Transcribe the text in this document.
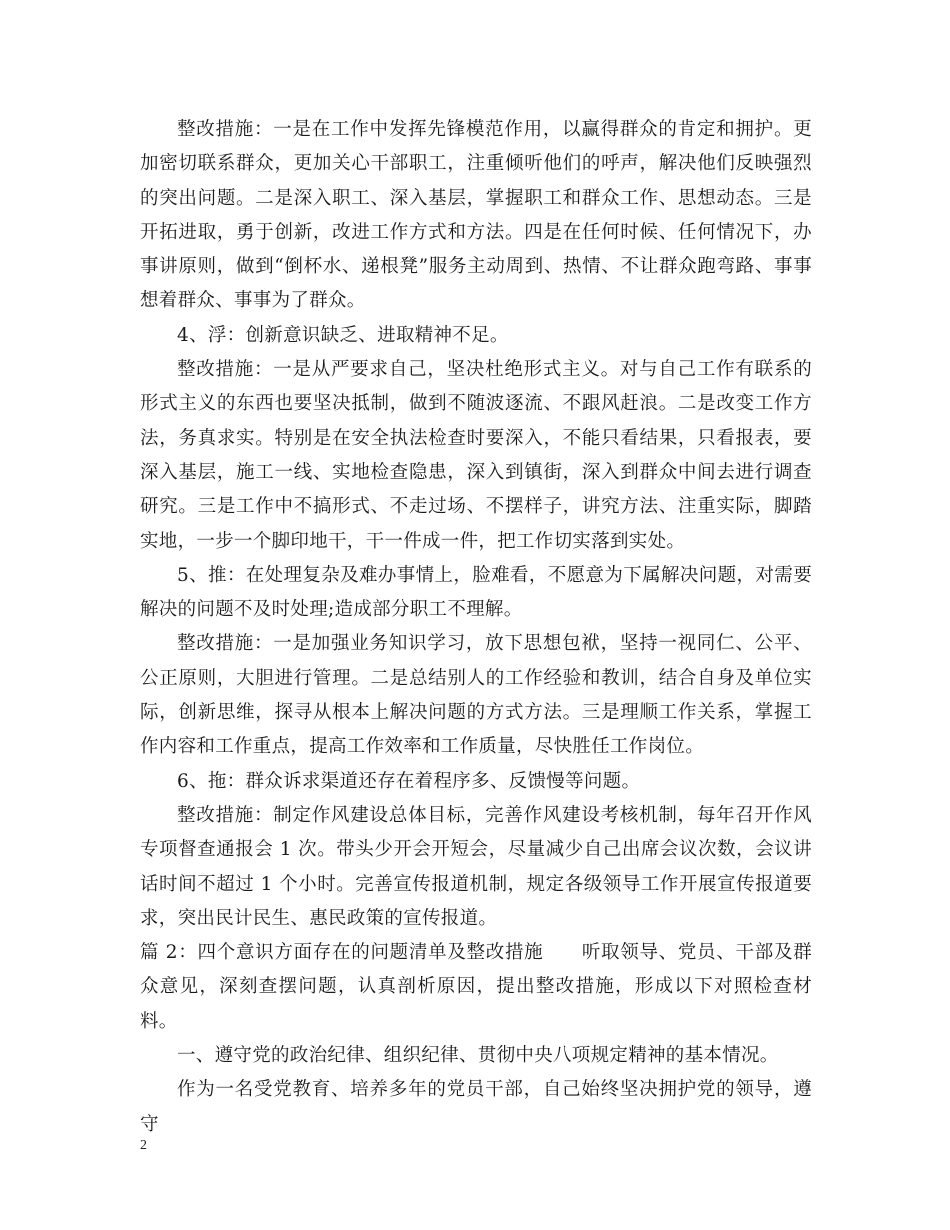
整改措施：一是在工作中发挥先锋模范作用，以赢得群众的肯定和拥护。更加密切联系群众，更加关心干部职工，注重倾听他们的呼声，解决他们反映强烈的突出问题。二是深入职工、深入基层，掌握职工和群众工作、思想动态。三是开拓进取，勇于创新，改进工作方式和方法。四是在任何时候、任何情况下，办事讲原则，做到“倒杯水、递根凳”服务主动周到、热情、不让群众跑弯路、事事想着群众、事事为了群众。

4、浮：创新意识缺乏、进取精神不足。

整改措施：一是从严要求自己，坚决杜绝形式主义。对与自己工作有联系的形式主义的东西也要坚决抵制，做到不随波逐流、不跟风赶浪。二是改变工作方法，务真求实。特别是在安全执法检查时要深入，不能只看结果，只看报表，要深入基层，施工一线、实地检查隐患，深入到镇街，深入到群众中间去进行调查研究。三是工作中不搞形式、不走过场、不摆样子，讲究方法、注重实际，脚踏实地，一步一个脚印地干，干一件成一件，把工作切实落到实处。

5、推：在处理复杂及难办事情上，脸难看，不愿意为下属解决问题，对需要解决的问题不及时处理;造成部分职工不理解。

整改措施：一是加强业务知识学习，放下思想包袱，坚持一视同仁、公平、公正原则，大胆进行管理。二是总结别人的工作经验和教训，结合自身及单位实际，创新思维，探寻从根本上解决问题的方式方法。三是理顺工作关系，掌握工作内容和工作重点，提高工作效率和工作质量，尽快胜任工作岗位。

6、拖：群众诉求渠道还存在着程序多、反馈慢等问题。

整改措施：制定作风建设总体目标，完善作风建设考核机制，每年召开作风专项督查通报会 1 次。带头少开会开短会，尽量减少自己出席会议次数，会议讲话时间不超过 1 个小时。完善宣传报道机制，规定各级领导工作开展宣传报道要求，突出民计民生、惠民政策的宣传报道。

篇 2：四个意识方面存在的问题清单及整改措施 听取领导、党员、干部及群众意见，深刻查摆问题，认真剖析原因，提出整改措施，形成以下对照检查材料。

一、遵守党的政治纪律、组织纪律、贯彻中央八项规定精神的基本情况。

作为一名受党教育、培养多年的党员干部，自己始终坚决拥护党的领导，遵守

2
